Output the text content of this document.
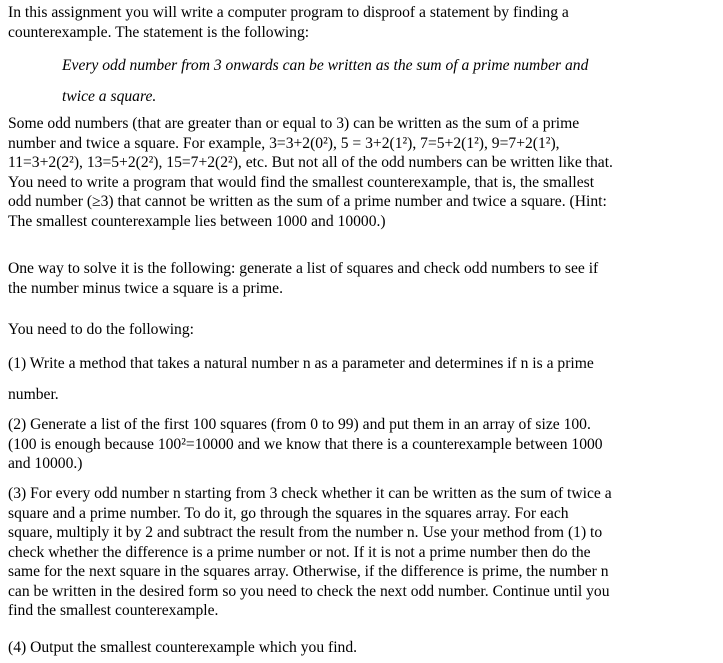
In this assignment you will write a computer program to disproof a statement by finding a

counterexample. The statement is the following:

Every odd number from 3 onwards can be written as the sum of a prime number and

twice a square.

Some odd numbers (that are greater than or equal to 3) can be written as the sum of a prime

number and twice a square. For example, 3=3+2(0²), 5 = 3+2(1²), 7=5+2(1²), 9=7+2(1²),

11=3+2(2²), 13=5+2(2²), 15=7+2(2²), etc. But not all of the odd numbers can be written like that.

You need to write a program that would find the smallest counterexample, that is, the smallest

odd number (≥3) that cannot be written as the sum of a prime number and twice a square. (Hint:

The smallest counterexample lies between 1000 and 10000.)

One way to solve it is the following: generate a list of squares and check odd numbers to see if

the number minus twice a square is a prime.

You need to do the following:

(1) Write a method that takes a natural number n as a parameter and determines if n is a prime

number.

(2) Generate a list of the first 100 squares (from 0 to 99) and put them in an array of size 100.

(100 is enough because 100²=10000 and we know that there is a counterexample between 1000

and 10000.)

(3) For every odd number n starting from 3 check whether it can be written as the sum of twice a

square and a prime number. To do it, go through the squares in the squares array. For each

square, multiply it by 2 and subtract the result from the number n. Use your method from (1) to

check whether the difference is a prime number or not. If it is not a prime number then do the

same for the next square in the squares array. Otherwise, if the difference is prime, the number n

can be written in the desired form so you need to check the next odd number. Continue until you

find the smallest counterexample.

(4) Output the smallest counterexample which you find.
